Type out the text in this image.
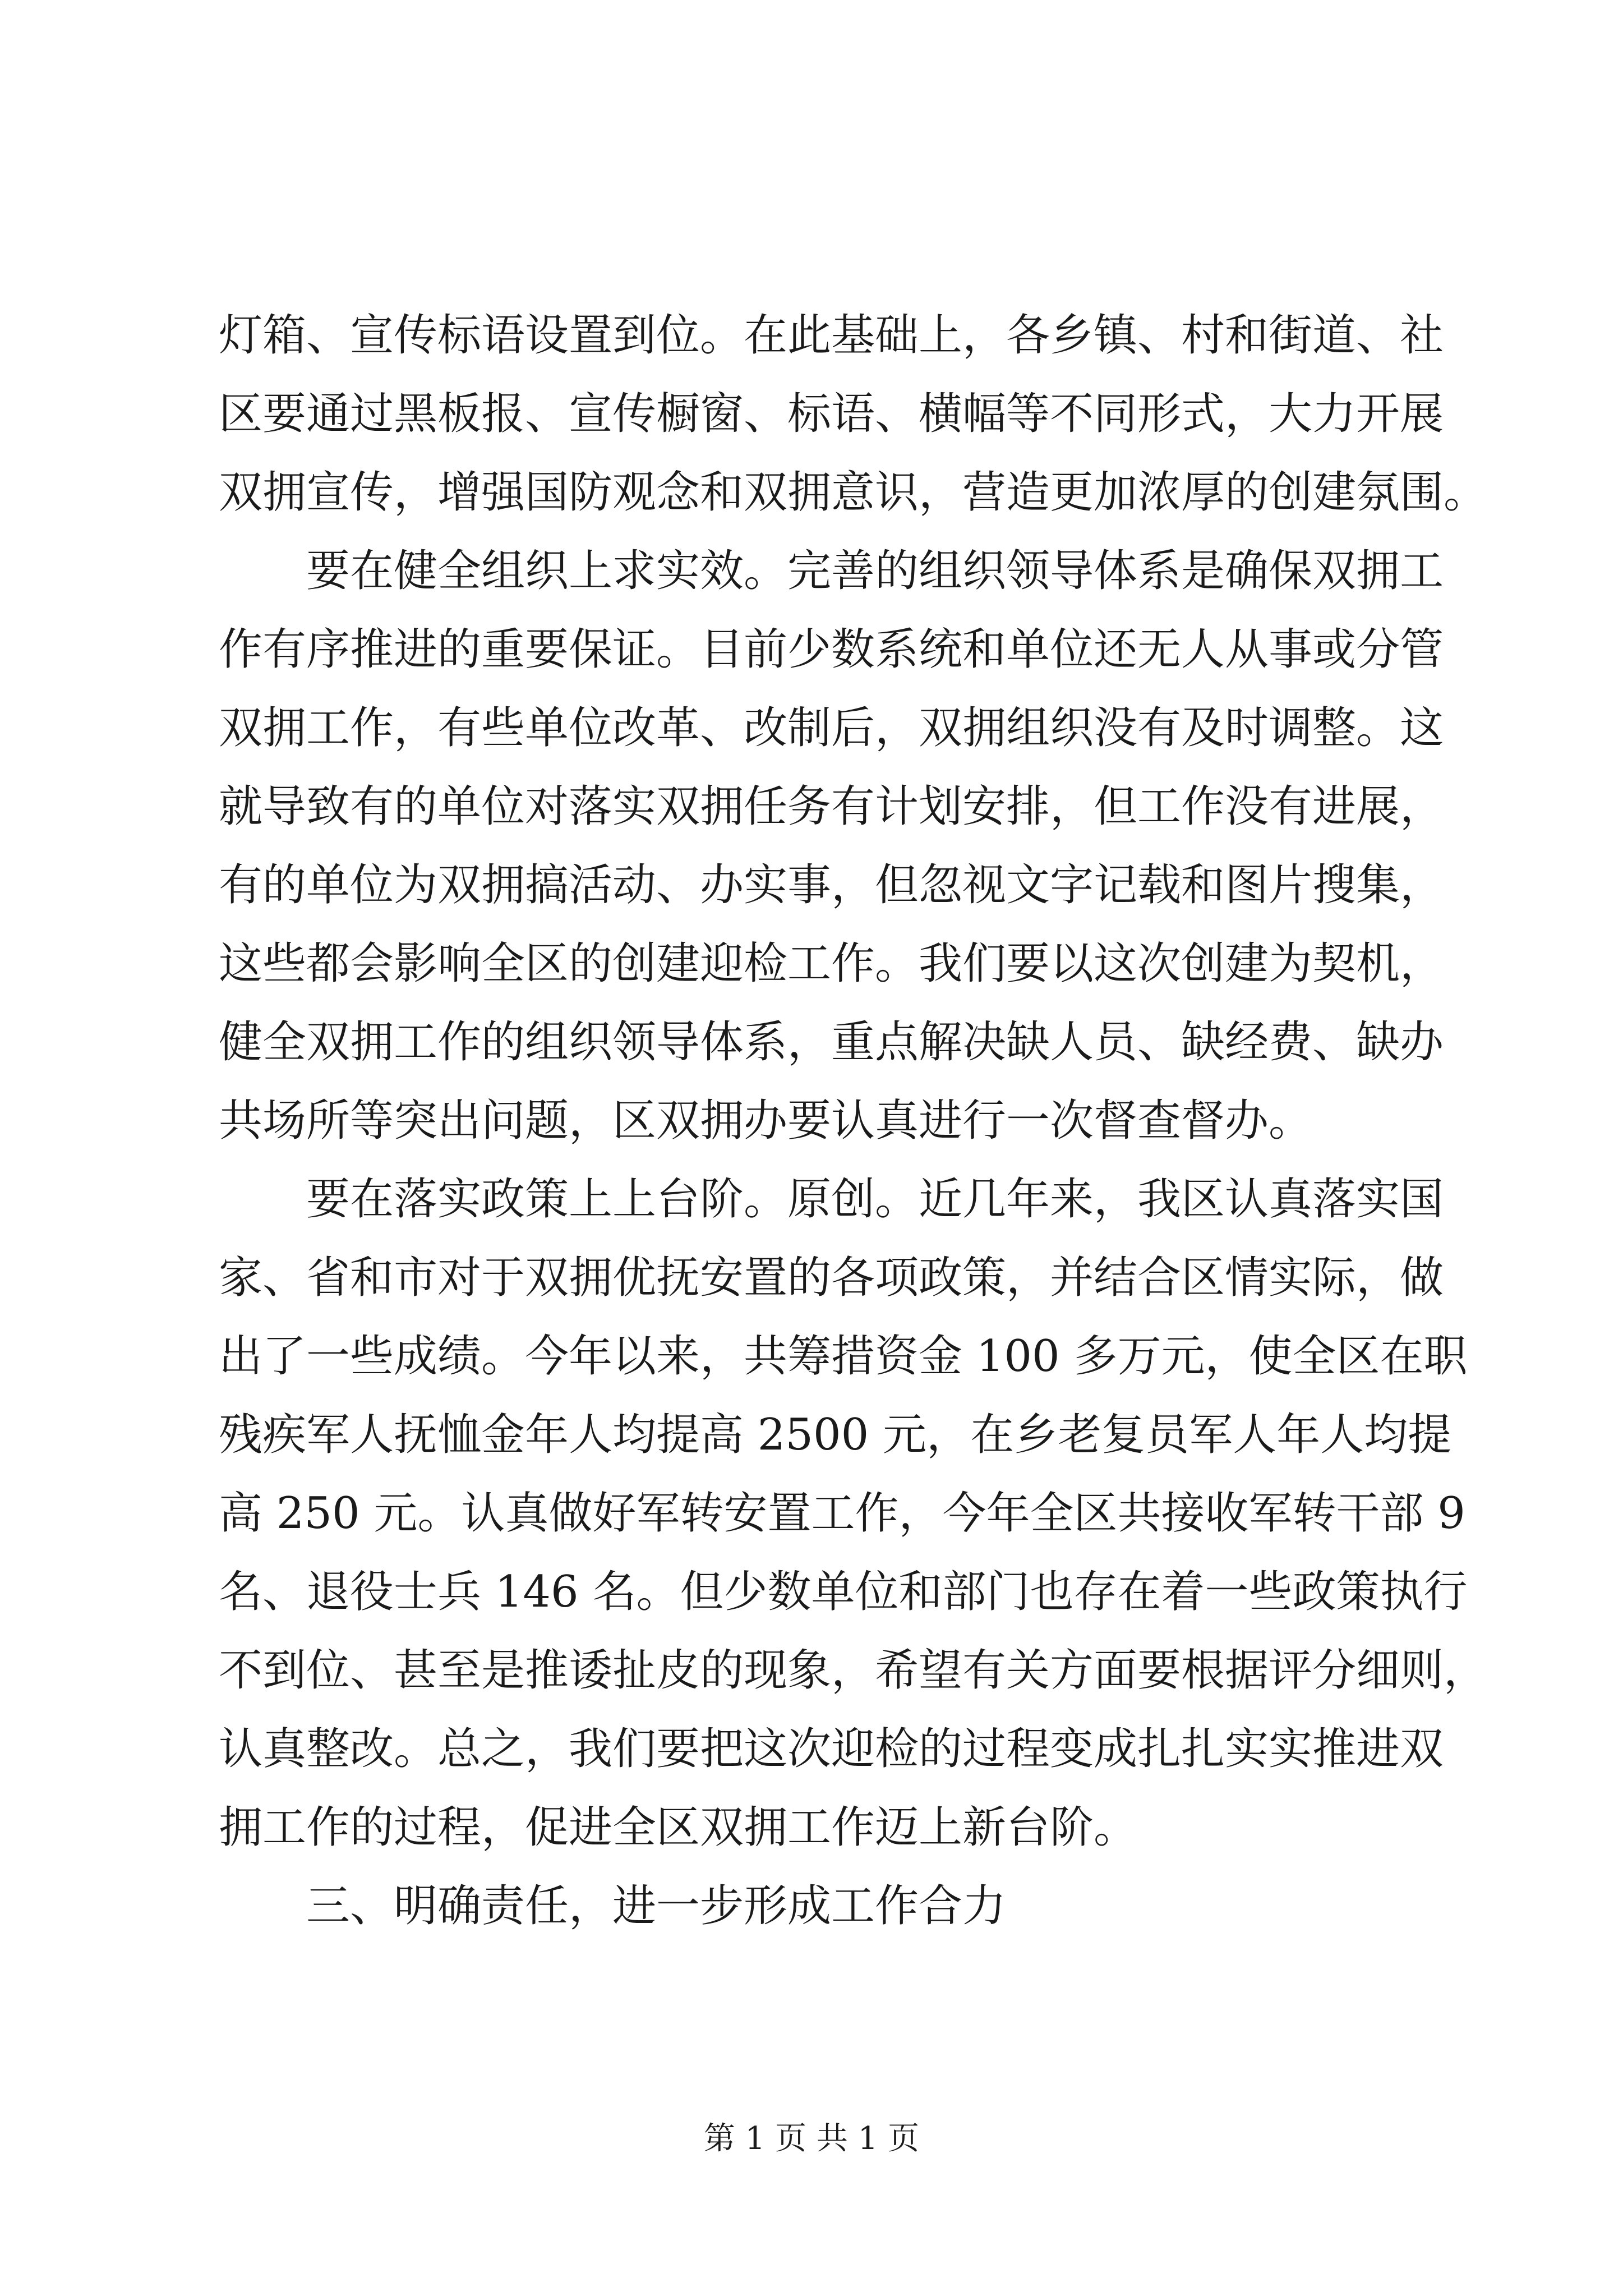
灯箱、宣传标语设置到位。在此基础上，各乡镇、村和街道、社
区要通过黑板报、宣传橱窗、标语、横幅等不同形式，大力开展
双拥宣传，增强国防观念和双拥意识，营造更加浓厚的创建氛围。
要在健全组织上求实效。完善的组织领导体系是确保双拥工
作有序推进的重要保证。目前少数系统和单位还无人从事或分管
双拥工作，有些单位改革、改制后，双拥组织没有及时调整。这
就导致有的单位对落实双拥任务有计划安排，但工作没有进展，
有的单位为双拥搞活动、办实事，但忽视文字记载和图片搜集，
这些都会影响全区的创建迎检工作。我们要以这次创建为契机，
健全双拥工作的组织领导体系，重点解决缺人员、缺经费、缺办
共场所等突出问题，区双拥办要认真进行一次督查督办。
要在落实政策上上台阶。原创。近几年来，我区认真落实国
家、省和市对于双拥优抚安置的各项政策，并结合区情实际，做
出了一些成绩。今年以来，共筹措资金 100 多万元，使全区在职
残疾军人抚恤金年人均提高 2500 元，在乡老复员军人年人均提
高 250 元。认真做好军转安置工作，今年全区共接收军转干部 9
名、退役士兵 146 名。但少数单位和部门也存在着一些政策执行
不到位、甚至是推诿扯皮的现象，希望有关方面要根据评分细则，
认真整改。总之，我们要把这次迎检的过程变成扎扎实实推进双
拥工作的过程，促进全区双拥工作迈上新台阶。
三、明确责任，进一步形成工作合力
第 1 页 共 1 页
